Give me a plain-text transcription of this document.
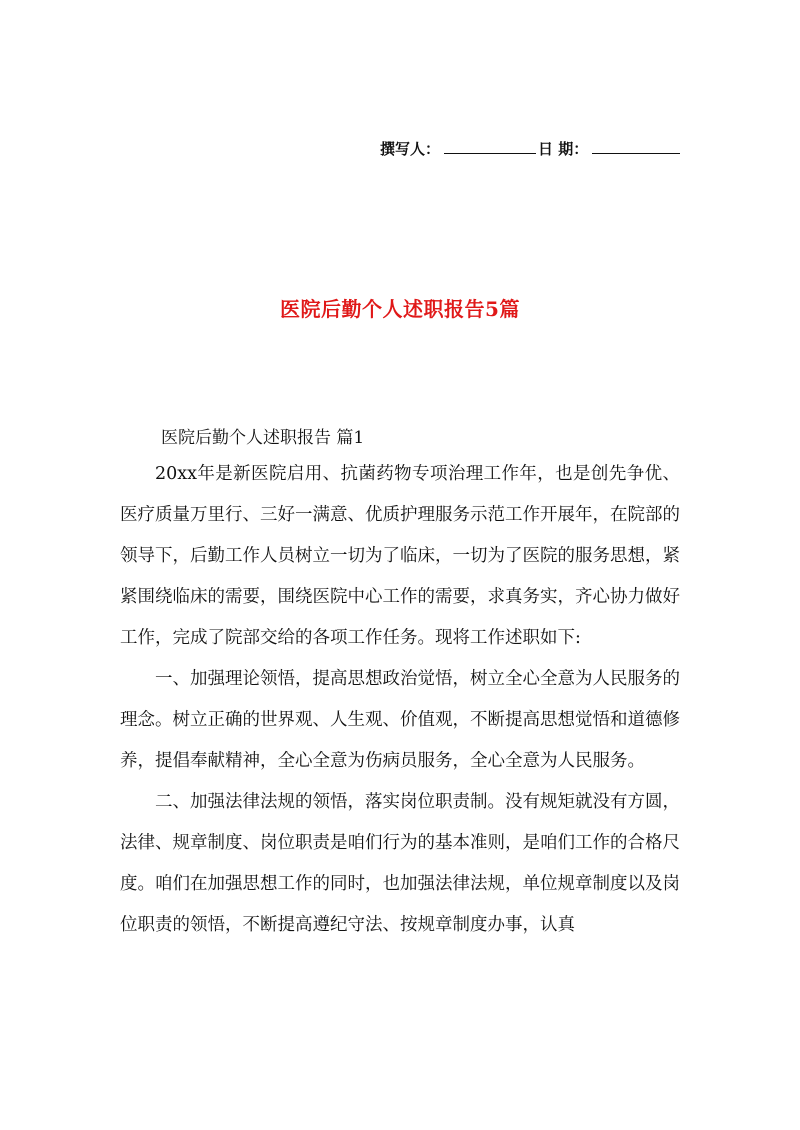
撰写人：	日 期：
医院后勤个人述职报告5篇
医院后勤个人述职报告 篇1

20xx年是新医院启用、抗菌药物专项治理工作年，也是创先争优、医疗质量万里行、三好一满意、优质护理服务示范工作开展年，在院部的领导下，后勤工作人员树立一切为了临床，一切为了医院的服务思想，紧紧围绕临床的需要，围绕医院中心工作的需要，求真务实，齐心协力做好工作，完成了院部交给的各项工作任务。现将工作述职如下:

一、加强理论领悟，提高思想政治觉悟，树立全心全意为人民服务的理念。树立正确的世界观、人生观、价值观，不断提高思想觉悟和道德修养，提倡奉献精神，全心全意为伤病员服务，全心全意为人民服务。

二、加强法律法规的领悟，落实岗位职责制。没有规矩就没有方圆，法律、规章制度、岗位职责是咱们行为的基本准则，是咱们工作的合格尺度。咱们在加强思想工作的同时，也加强法律法规，单位规章制度以及岗位职责的领悟，不断提高遵纪守法、按规章制度办事，认真
